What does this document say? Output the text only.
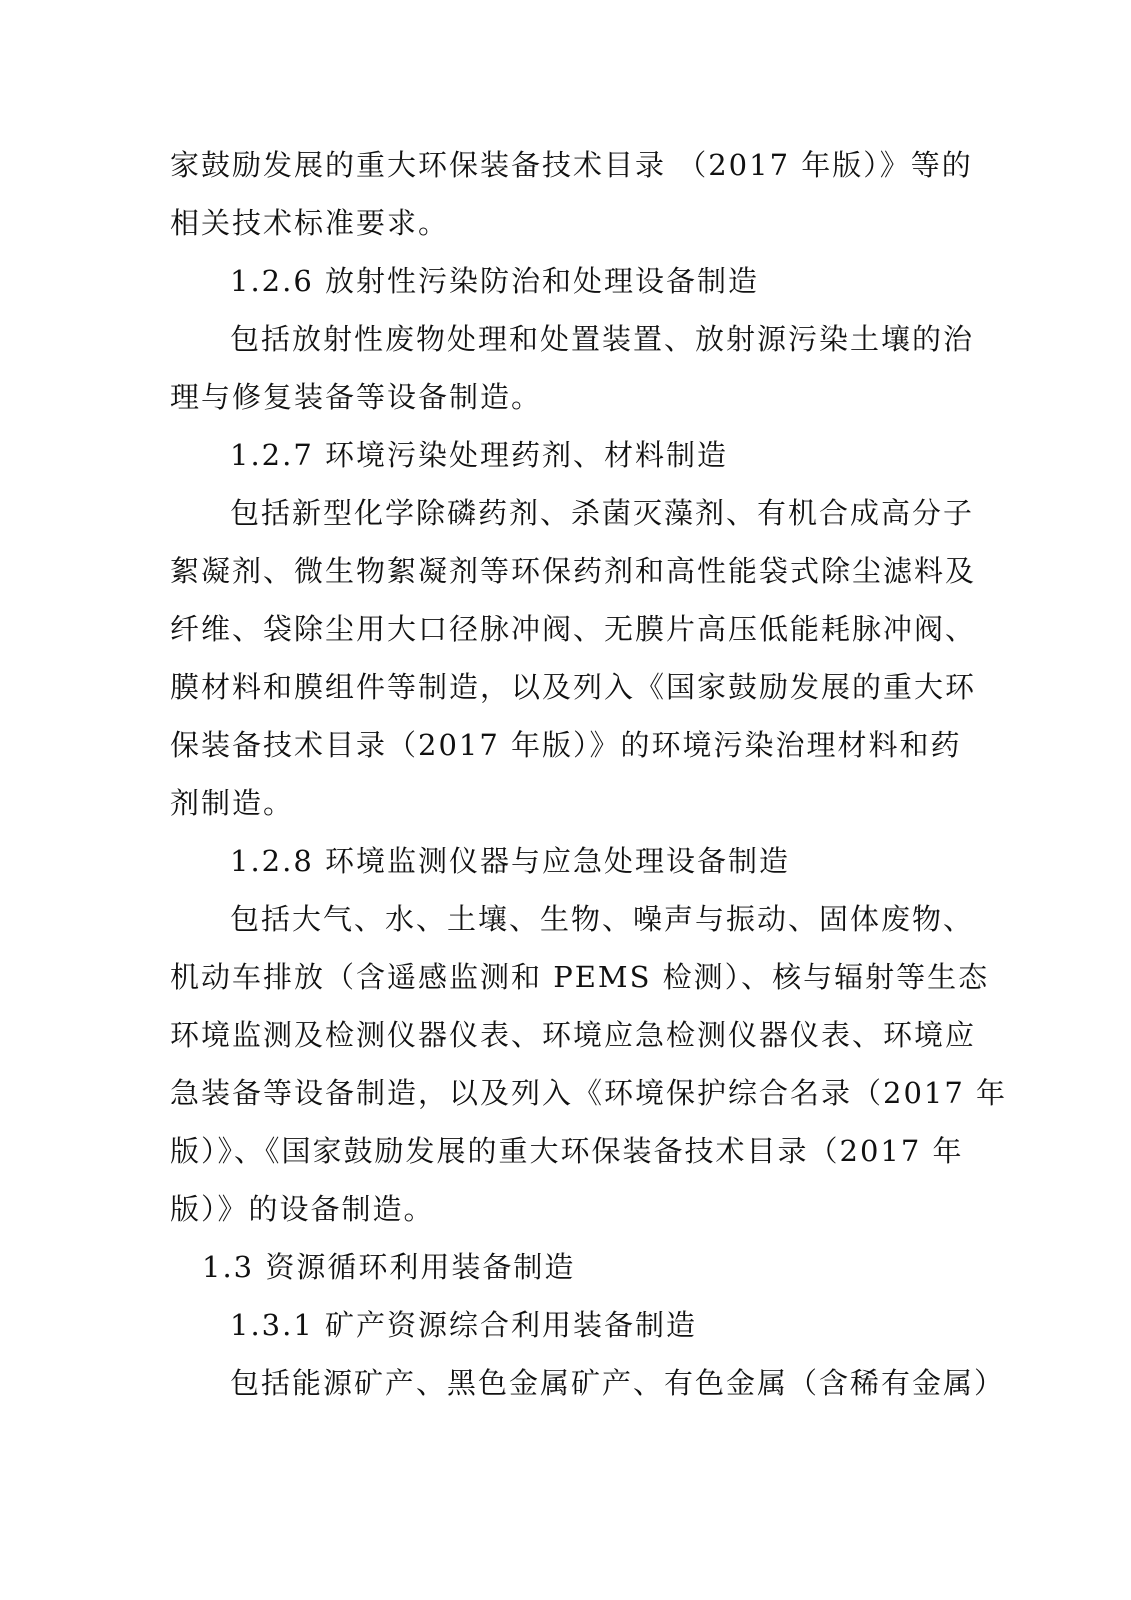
家鼓励发展的重大环保装备技术目录 （2017 年版）》等的
相关技术标准要求。
1.2.6 放射性污染防治和处理设备制造
包括放射性废物处理和处置装置、放射源污染土壤的治
理与修复装备等设备制造。
1.2.7 环境污染处理药剂、材料制造
包括新型化学除磷药剂、杀菌灭藻剂、有机合成高分子
絮凝剂、微生物絮凝剂等环保药剂和高性能袋式除尘滤料及
纤维、袋除尘用大口径脉冲阀、无膜片高压低能耗脉冲阀、
膜材料和膜组件等制造，以及列入《国家鼓励发展的重大环
保装备技术目录（2017 年版）》的环境污染治理材料和药
剂制造。
1.2.8 环境监测仪器与应急处理设备制造
包括大气、水、土壤、生物、噪声与振动、固体废物、
机动车排放（含遥感监测和 PEMS 检测）、核与辐射等生态
环境监测及检测仪器仪表、环境应急检测仪器仪表、环境应
急装备等设备制造，以及列入《环境保护综合名录（2017 年
版）》、《国家鼓励发展的重大环保装备技术目录（2017 年
版）》的设备制造。
1.3 资源循环利用装备制造
1.3.1 矿产资源综合利用装备制造
包括能源矿产、黑色金属矿产、有色金属（含稀有金属）
